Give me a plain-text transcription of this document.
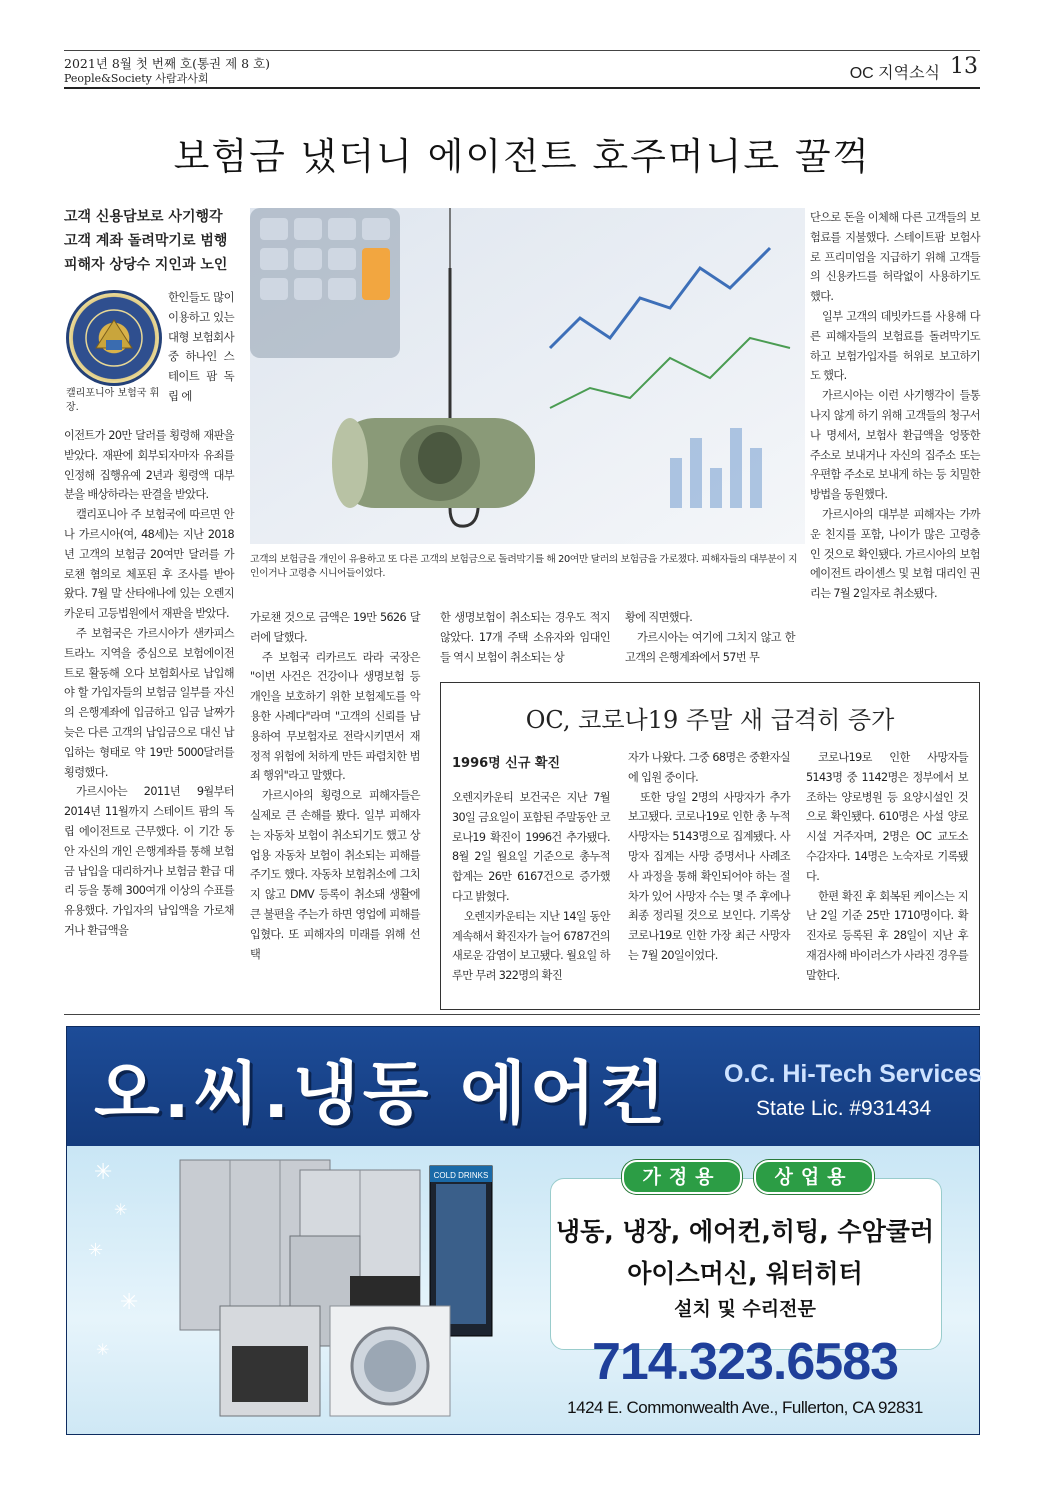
2021년 8월 첫 번째 호(통권 제 8 호)
People&Society 사람과사회	OC 지역소식 13
보험금 냈더니 에이전트 호주머니로 꿀꺽
고객 신용담보로 사기행각
고객 계좌 돌려막기로 범행
피해자 상당수 지인과 노인
캘리포니아 보험국 휘장.

한인들도 많이 이용하고 있는 대형 보험회사 중 하나인 스테이트 팜 독립 에

이전트가 20만 달러를 횡령해 재판을 받았다. 재판에 회부되자마자 유죄를 인정해 집행유예 2년과 횡령액 대부분을 배상하라는 판결을 받았다.

캘리포니아 주 보험국에 따르면 안나 가르시아(여, 48세)는 지난 2018년 고객의 보험금 20여만 달러를 가로챈 혐의로 체포된 후 조사를 받아 왔다. 7월 말 산타애나에 있는 오렌지카운티 고등법원에서 재판을 받았다.

주 보험국은 가르시아가 샌카피스트라노 지역을 중심으로 보험에이전트로 활동해 오다 보험회사로 납입해야 할 가입자들의 보험금 일부를 자신의 은행계좌에 입금하고 입금 날짜가 늦은 다른 고객의 납입금으로 대신 납입하는 형태로 약 19만 5000달러를 횡령했다.

가르시아는 2011년 9월부터 2014년 11월까지 스테이트 팜의 독립 에이전트로 근무했다. 이 기간 동안 자신의 개인 은행계좌를 통해 보험금 납입을 대리하거나 보험금 환급 대리 등을 통해 300여개 이상의 수표를 유용했다. 가입자의 납입액을 가로채거나 환급액을

고객의 보험금을 개인이 유용하고 또 다른 고객의 보험금으로 돌려막기를 해 20여만 달러의 보험금을 가로챘다. 피해자들의 대부분이 지인이거나 고령층 시니어들이었다.

가로챈 것으로 금액은 19만 5626 달러에 달했다.

주 보험국 리카르도 라라 국장은 "이번 사건은 건강이나 생명보험 등 개인을 보호하기 위한 보험제도를 악용한 사례다"라며 "고객의 신뢰를 남용하여 무보험자로 전락시키면서 재정적 위험에 처하게 만든 파렴치한 범죄 행위"라고 말했다.

가르시아의 횡령으로 피해자들은 실제로 큰 손해를 봤다. 일부 피해자는 자동차 보험이 취소되기도 했고 상업용 자동차 보험이 취소되는 피해를 주기도 했다. 자동차 보험취소에 그치지 않고 DMV 등록이 취소돼 생활에 큰 불편을 주는가 하면 영업에 피해를 입혔다. 또 피해자의 미래를 위해 선택

한 생명보험이 취소되는 경우도 적지 않았다. 17개 주택 소유자와 임대인들 역시 보험이 취소되는 상

황에 직면했다.

가르시아는 여기에 그치지 않고 한 고객의 은행계좌에서 57번 무

단으로 돈을 이체해 다른 고객들의 보험료를 지불했다. 스테이트팜 보험사로 프리미엄을 지급하기 위해 고객들의 신용카드를 허락없이 사용하기도 했다.

일부 고객의 데빗카드를 사용해 다른 피해자들의 보험료를 돌려막기도 하고 보험가입자를 허위로 보고하기도 했다.

가르시아는 이런 사기행각이 들통나지 않게 하기 위해 고객들의 청구서나 명세서, 보험사 환급액을 엉뚱한 주소로 보내거나 자신의 집주소 또는 우편함 주소로 보내게 하는 등 치밀한 방법을 동원했다.

가르시아의 대부분 피해자는 가까운 친지를 포함, 나이가 많은 고령층인 것으로 확인됐다. 가르시아의 보험 에이전트 라이센스 및 보험 대리인 권리는 7월 2일자로 취소됐다.

OC, 코로나19 주말 새 급격히 증가
1996명 신규 확진

오렌지카운티 보건국은 지난 7월 30일 금요일이 포함된 주말동안 코로나19 확진이 1996건 추가됐다. 8월 2일 월요일 기준으로 총누적 합계는 26만 6167건으로 증가했다고 밝혔다.

오렌지카운티는 지난 14일 동안 계속해서 확진자가 늘어 6787건의 새로운 감염이 보고됐다. 월요일 하루만 무려 322명의 확진

자가 나왔다. 그중 68명은 중환자실에 입원 중이다.

또한 당일 2명의 사망자가 추가 보고됐다. 코로나19로 인한 총 누적 사망자는 5143명으로 집계됐다. 사망자 집계는 사망 증명서나 사례조사 과정을 통해 확인되어야 하는 절차가 있어 사망자 수는 몇 주 후에나 최종 정리될 것으로 보인다. 기록상 코로나19로 인한 가장 최근 사망자는 7월 20일이었다.

코로나19로 인한 사망자들 5143명 중 1142명은 정부에서 보조하는 양로병원 등 요양시설인 것으로 확인됐다. 610명은 사설 양로시설 거주자며, 2명은 OC 교도소 수감자다. 14명은 노숙자로 기록됐다.

한편 확진 후 회복된 케이스는 지난 2일 기준 25만 1710명이다. 확진자로 등록된 후 28일이 지난 후 재검사해 바이러스가 사라진 경우를 말한다.

오.씨.냉동 에어컨 O.C. Hi-Tech Services
State Lic. #931434
✳
✳
✳
✳
✳
COLD DRINKS	가정용	상업용
냉동, 냉장, 에어컨,히팅, 수암쿨러
아이스머신, 워터히터
설치 및 수리전문
714.323.6583
1424 E. Commonwealth Ave., Fullerton, CA 92831
